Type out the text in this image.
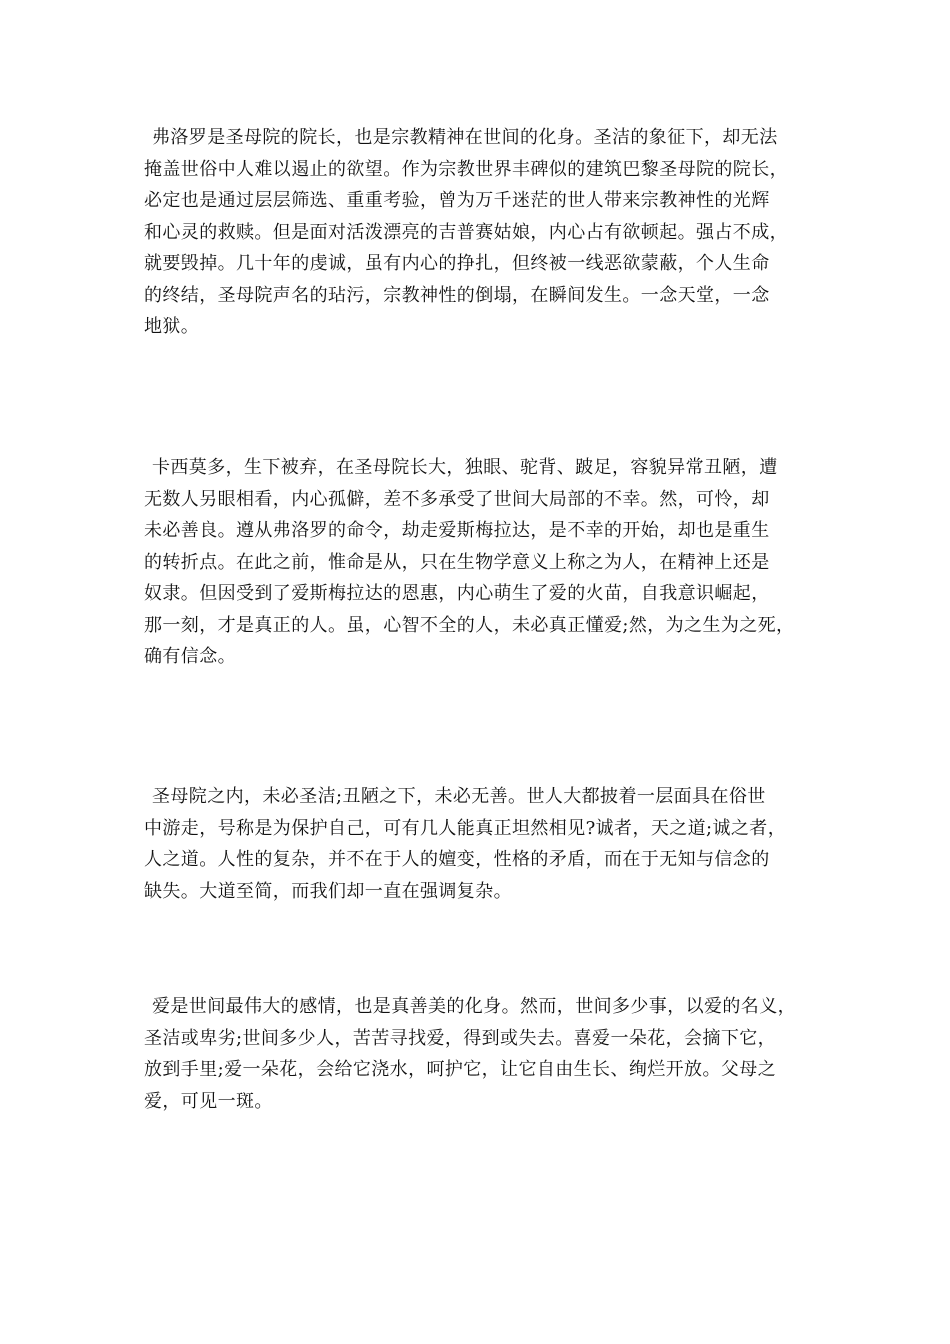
弗洛罗是圣母院的院长，也是宗教精神在世间的化身。圣洁的象征下，却无法
掩盖世俗中人难以遏止的欲望。作为宗教世界丰碑似的建筑巴黎圣母院的院长，
必定也是通过层层筛选、重重考验，曾为万千迷茫的世人带来宗教神性的光辉
和心灵的救赎。但是面对活泼漂亮的吉普赛姑娘，内心占有欲顿起。强占不成，
就要毁掉。几十年的虔诚，虽有内心的挣扎，但终被一线恶欲蒙蔽，个人生命
的终结，圣母院声名的玷污，宗教神性的倒塌，在瞬间发生。一念天堂，一念
地狱。
卡西莫多，生下被弃，在圣母院长大，独眼、驼背、跛足，容貌异常丑陋，遭
无数人另眼相看，内心孤僻，差不多承受了世间大局部的不幸。然，可怜，却
未必善良。遵从弗洛罗的命令，劫走爱斯梅拉达，是不幸的开始，却也是重生
的转折点。在此之前，惟命是从，只在生物学意义上称之为人，在精神上还是
奴隶。但因受到了爱斯梅拉达的恩惠，内心萌生了爱的火苗，自我意识崛起，
那一刻，才是真正的人。虽，心智不全的人，未必真正懂爱;然，为之生为之死，
确有信念。
圣母院之内，未必圣洁;丑陋之下，未必无善。世人大都披着一层面具在俗世
中游走，号称是为保护自己，可有几人能真正坦然相见?诚者，天之道;诚之者，
人之道。人性的复杂，并不在于人的嬗变，性格的矛盾，而在于无知与信念的
缺失。大道至简，而我们却一直在强调复杂。
爱是世间最伟大的感情，也是真善美的化身。然而，世间多少事，以爱的名义，
圣洁或卑劣;世间多少人，苦苦寻找爱，得到或失去。喜爱一朵花，会摘下它，
放到手里;爱一朵花，会给它浇水，呵护它，让它自由生长、绚烂开放。父母之
爱，可见一斑。
